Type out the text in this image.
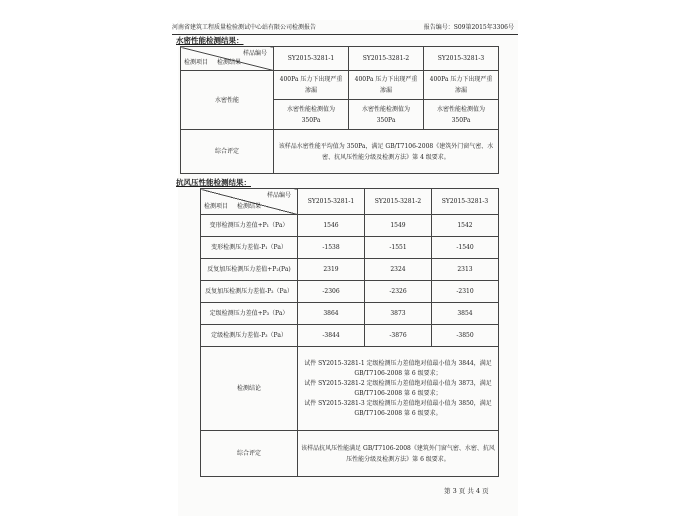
河南省建筑工程质量检验测试中心站有限公司检测报告	报告编号：S09第2015年3306号
水密性能检测结果：
样品编号
检测项目 检测结果	SY2015-3281-1	SY2015-3281-2	SY2015-3281-3
水密性能	400Pa 压力下出现严重渗漏	400Pa 压力下出现严重渗漏	400Pa 压力下出现严重渗漏
	水密性能检测值为 350Pa	水密性能检测值为 350Pa	水密性能检测值为 350Pa
综合评定	该样品水密性能平均值为 350Pa，满足 GB/T7106-2008《建筑外门窗气密、水密、抗风压性能分级及检测方法》第 4 级要求。		
抗风压性能检测结果：
样品编号
检测项目 检测结果	SY2015-3281-1	SY2015-3281-2	SY2015-3281-3
变形检测压力差值+P₁（Pa）	1546	1549	1542
变形检测压力差值-P₁（Pa）	-1538	-1551	-1540
反复加压检测压力差值+P₂(Pa)	2319	2324	2313
反复加压检测压力差值-P₂（Pa）	-2306	-2326	-2310
定级检测压力差值+P₃（Pa）	3864	3873	3854
定级检测压力差值-P₃（Pa）	-3844	-3876	-3850
检测结论	试件 SY2015-3281-1 定级检测压力差值绝对值最小值为 3844，满足 GB/T7106-2008 第 6 级要求；
试件 SY2015-3281-2 定级检测压力差值绝对值最小值为 3873，满足 GB/T7106-2008 第 6 级要求；
试件 SY2015-3281-3 定级检测压力差值绝对值最小值为 3850，满足 GB/T7106-2008 第 6 级要求。		

综合评定	该样品抗风压性能满足 GB/T7106-2008《建筑外门窗气密、水密、抗风压性能分级及检测方法》第 6 级要求。		
第 3 页 共 4 页
